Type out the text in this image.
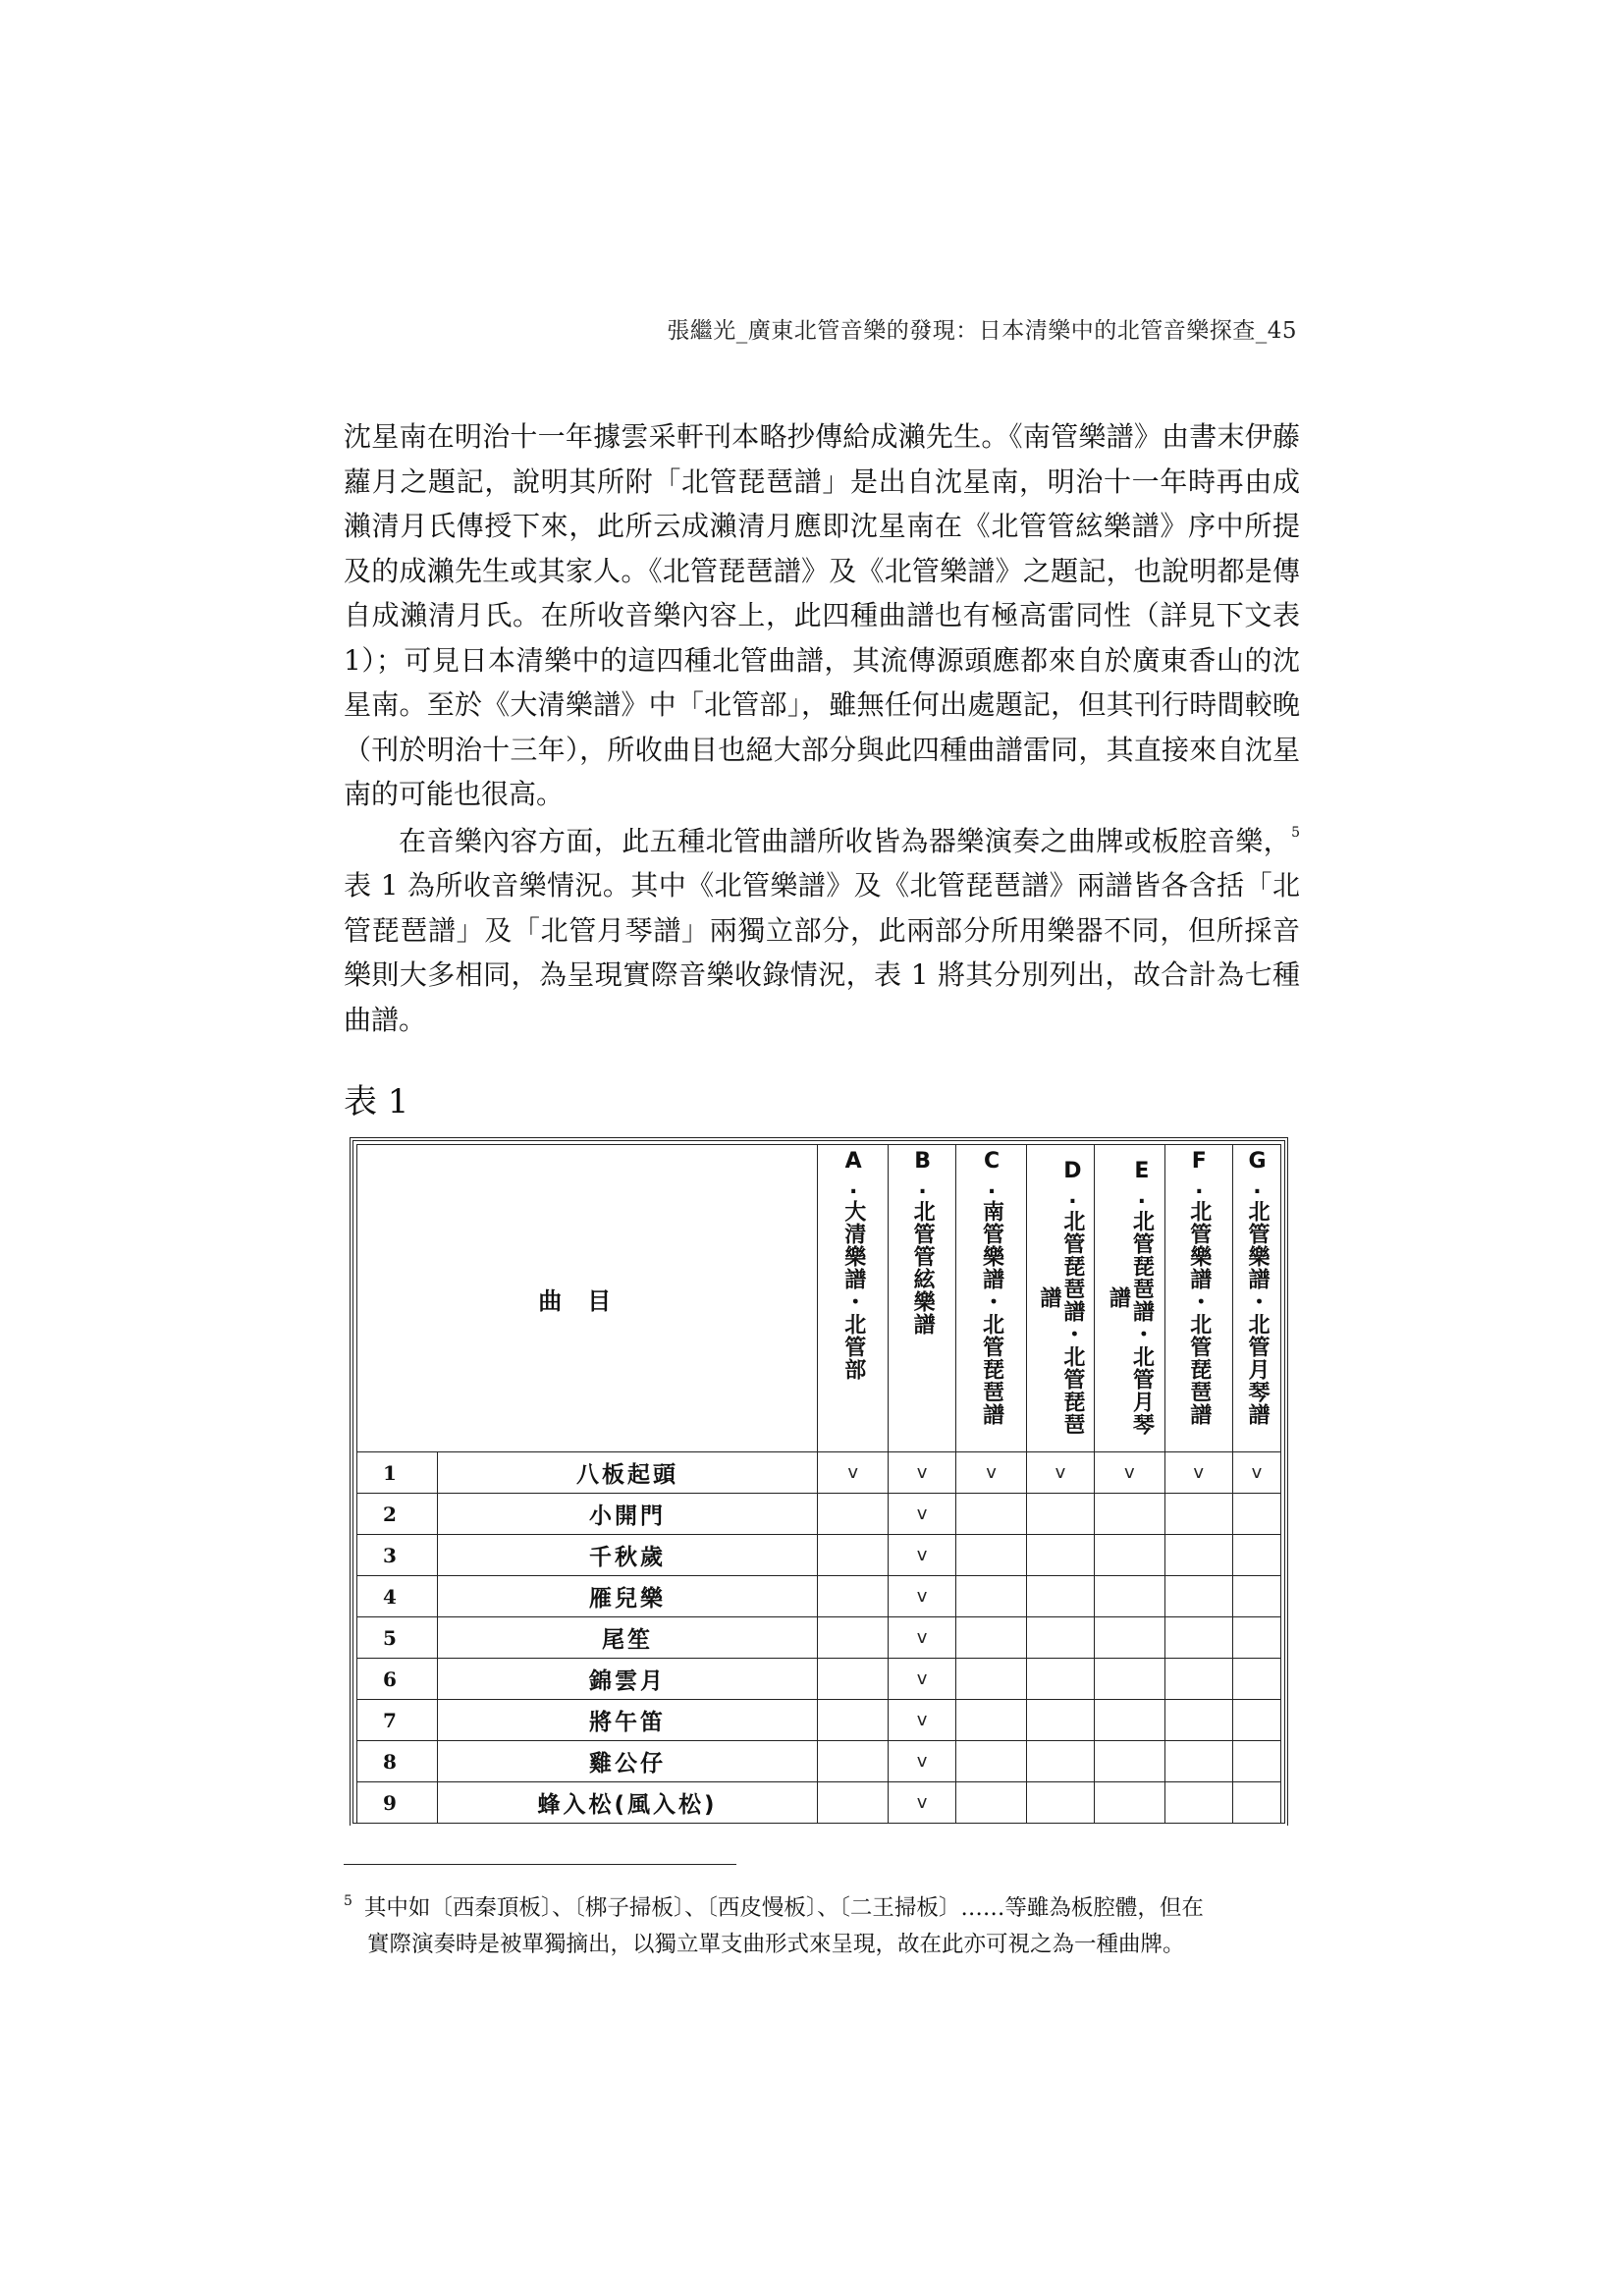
張繼光_廣東北管音樂的發現：日本清樂中的北管音樂探查_45

沈星南在明治十一年據雲采軒刊本略抄傳給成瀨先生。《南管樂譜》由書末伊藤蘿月之題記，說明其所附「北管琵琶譜」是出自沈星南，明治十一年時再由成瀨清月氏傳授下來，此所云成瀨清月應即沈星南在《北管管絃樂譜》序中所提及的成瀨先生或其家人。《北管琵琶譜》及《北管樂譜》之題記，也說明都是傳自成瀨清月氏。在所收音樂內容上，此四種曲譜也有極高雷同性（詳見下文表 1）；可見日本清樂中的這四種北管曲譜，其流傳源頭應都來自於廣東香山的沈星南。至於《大清樂譜》中「北管部」，雖無任何出處題記，但其刊行時間較晚（刊於明治十三年），所收曲目也絕大部分與此四種曲譜雷同，其直接來自沈星南的可能也很高。

在音樂內容方面，此五種北管曲譜所收皆為器樂演奏之曲牌或板腔音樂，$^5$表 1 為所收音樂情況。其中《北管樂譜》及《北管琵琶譜》兩譜皆各含括「北管琵琶譜」及「北管月琴譜」兩獨立部分，此兩部分所用樂器不同，但所採音樂則大多相同，為呈現實際音樂收錄情況，表 1 將其分別列出，故合計為七種曲譜。

表 1
曲目		A.大清樂譜・北管部	B.北管管絃樂譜	C.南管樂譜・北管琵琶譜	D.北管琵琶譜・北管琵琶譜	E.北管琵琶譜・北管月琴譜	F.北管樂譜・北管琵琶譜	G.北管樂譜・北管月琴譜
1	八板起頭	v	v	v	v	v	v	v
2	小開門		v					
3	千秋歲		v					
4	雁兒樂		v					
5	尾笙		v					
6	錦雲月		v					
7	將午笛		v					
8	雞公仔		v					
9	蜂入松(風入松)		v					
$^5$ 其中如〔西秦頂板〕、〔梆子掃板〕、〔西皮慢板〕、〔二王掃板〕……等雖為板腔體，但在
實際演奏時是被單獨摘出，以獨立單支曲形式來呈現，故在此亦可視之為一種曲牌。
